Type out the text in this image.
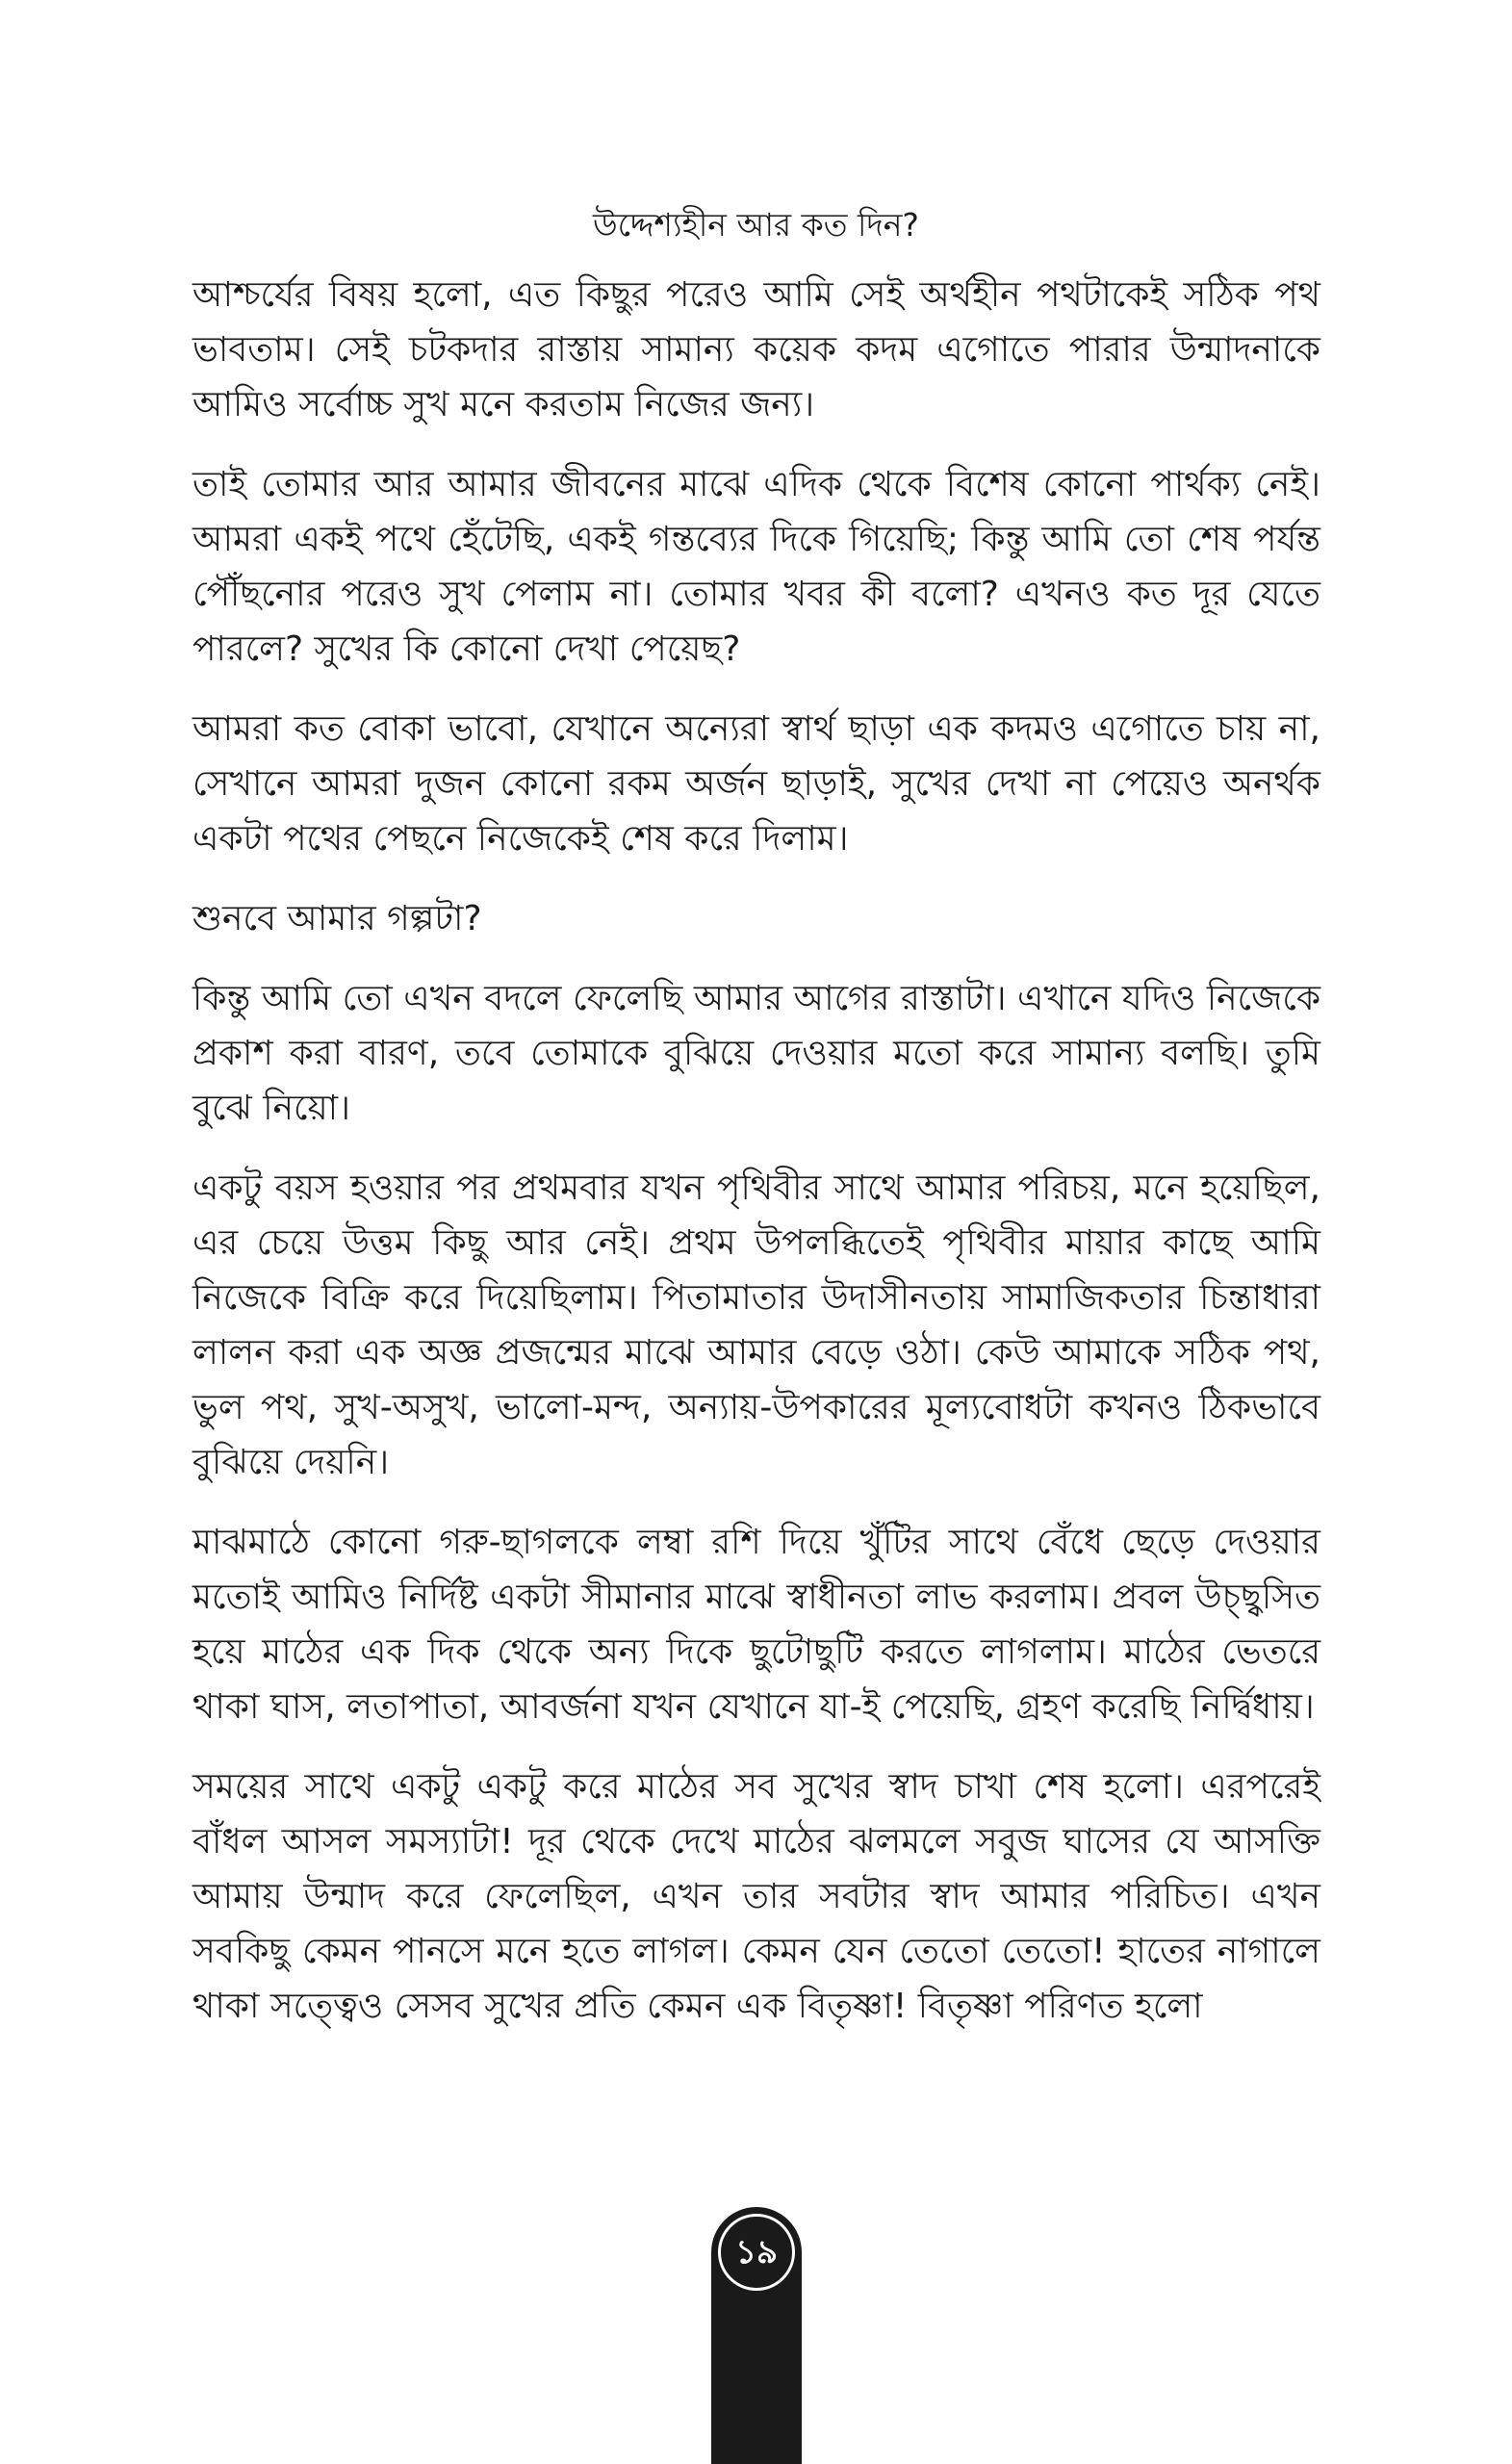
উদ্দেশ্যহীন আর কত দিন?

আশ্চর্যের বিষয় হলো, এত কিছুর পরেও আমি সেই অর্থহীন পথটাকেই সঠিক পথ ভাবতাম। সেই চটকদার রাস্তায় সামান্য কয়েক কদম এগোতে পারার উন্মাদনাকে আমিও সর্বোচ্চ সুখ মনে করতাম নিজের জন্য।

তাই তোমার আর আমার জীবনের মাঝে এদিক থেকে বিশেষ কোনো পার্থক্য নেই। আমরা একই পথে হেঁটেছি, একই গন্তব্যের দিকে গিয়েছি; কিন্তু আমি তো শেষ পর্যন্ত পৌঁছনোর পরেও সুখ পেলাম না। তোমার খবর কী বলো? এখনও কত দূর যেতে পারলে? সুখের কি কোনো দেখা পেয়েছ?

আমরা কত বোকা ভাবো, যেখানে অন্যেরা স্বার্থ ছাড়া এক কদমও এগোতে চায় না, সেখানে আমরা দুজন কোনো রকম অর্জন ছাড়াই, সুখের দেখা না পেয়েও অনর্থক একটা পথের পেছনে নিজেকেই শেষ করে দিলাম।

শুনবে আমার গল্পটা?

কিন্তু আমি তো এখন বদলে ফেলেছি আমার আগের রাস্তাটা। এখানে যদিও নিজেকে প্রকাশ করা বারণ, তবে তোমাকে বুঝিয়ে দেওয়ার মতো করে সামান্য বলছি। তুমি বুঝে নিয়ো।

একটু বয়স হওয়ার পর প্রথমবার যখন পৃথিবীর সাথে আমার পরিচয়, মনে হয়েছিল, এর চেয়ে উত্তম কিছু আর নেই। প্রথম উপলব্ধিতেই পৃথিবীর মায়ার কাছে আমি নিজেকে বিক্রি করে দিয়েছিলাম। পিতামাতার উদাসীনতায় সামাজিকতার চিন্তাধারা লালন করা এক অজ্ঞ প্রজন্মের মাঝে আমার বেড়ে ওঠা। কেউ আমাকে সঠিক পথ, ভুল পথ, সুখ-অসুখ, ভালো-মন্দ, অন্যায়-উপকারের মূল্যবোধটা কখনও ঠিকভাবে বুঝিয়ে দেয়নি।

মাঝমাঠে কোনো গরু-ছাগলকে লম্বা রশি দিয়ে খুঁটির সাথে বেঁধে ছেড়ে দেওয়ার মতোই আমিও নির্দিষ্ট একটা সীমানার মাঝে স্বাধীনতা লাভ করলাম। প্রবল উচ্ছ্বসিত হয়ে মাঠের এক দিক থেকে অন্য দিকে ছুটোছুটি করতে লাগলাম। মাঠের ভেতরে থাকা ঘাস, লতাপাতা, আবর্জনা যখন যেখানে যা-ই পেয়েছি, গ্রহণ করেছি নির্দ্বিধায়।

সময়ের সাথে একটু একটু করে মাঠের সব সুখের স্বাদ চাখা শেষ হলো। এরপরেই বাঁধল আসল সমস্যাটা! দূর থেকে দেখে মাঠের ঝলমলে সবুজ ঘাসের যে আসক্তি আমায় উন্মাদ করে ফেলেছিল, এখন তার সবটার স্বাদ আমার পরিচিত। এখন সবকিছু কেমন পানসে মনে হতে লাগল। কেমন যেন তেতো তেতো! হাতের নাগালে থাকা সত্ত্বেও সেসব সুখের প্রতি কেমন এক বিতৃষ্ণা! বিতৃষ্ণা পরিণত হলো

১৯
